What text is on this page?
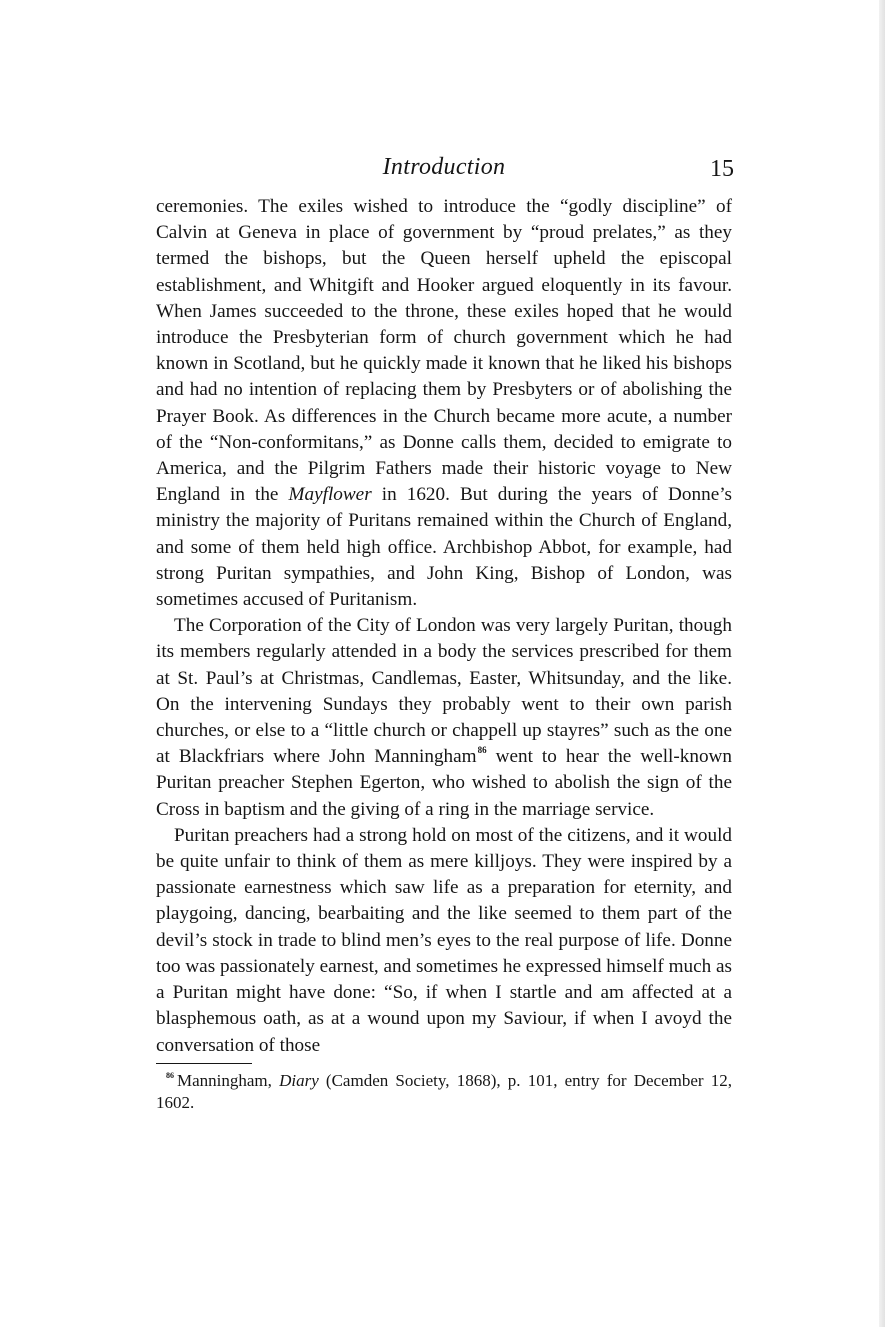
Introduction	15

ceremonies. The exiles wished to introduce the “godly discipline” of Calvin at Geneva in place of government by “proud prelates,” as they termed the bishops, but the Queen herself upheld the episcopal establishment, and Whitgift and Hooker argued eloquently in its favour. When James succeeded to the throne, these exiles hoped that he would introduce the Presbyterian form of church government which he had known in Scotland, but he quickly made it known that he liked his bishops and had no intention of replacing them by Presbyters or of abolishing the Prayer Book. As differences in the Church became more acute, a number of the “Non-conformitans,” as Donne calls them, decided to emigrate to America, and the Pilgrim Fathers made their historic voyage to New England in the Mayflower in 1620. But during the years of Donne’s ministry the majority of Puritans remained within the Church of England, and some of them held high office. Archbishop Abbot, for example, had strong Puritan sympathies, and John King, Bishop of London, was sometimes accused of Puritanism.

The Corporation of the City of London was very largely Puritan, though its members regularly attended in a body the services prescribed for them at St. Paul’s at Christmas, Candlemas, Easter, Whitsunday, and the like. On the intervening Sundays they probably went to their own parish churches, or else to a “little church or chappell up stayres” such as the one at Blackfriars where John Manningham$^{86}$ went to hear the well-known Puritan preacher Stephen Egerton, who wished to abolish the sign of the Cross in baptism and the giving of a ring in the marriage service.

Puritan preachers had a strong hold on most of the citizens, and it would be quite unfair to think of them as mere killjoys. They were inspired by a passionate earnestness which saw life as a preparation for eternity, and playgoing, dancing, bearbaiting and the like seemed to them part of the devil’s stock in trade to blind men’s eyes to the real purpose of life. Donne too was passionately earnest, and sometimes he expressed himself much as a Puritan might have done: “So, if when I startle and am affected at a blasphemous oath, as at a wound upon my Saviour, if when I avoyd the conversation of those

$^{86}$ Manningham, Diary (Camden Society, 1868), p. 101, entry for December 12, 1602.
